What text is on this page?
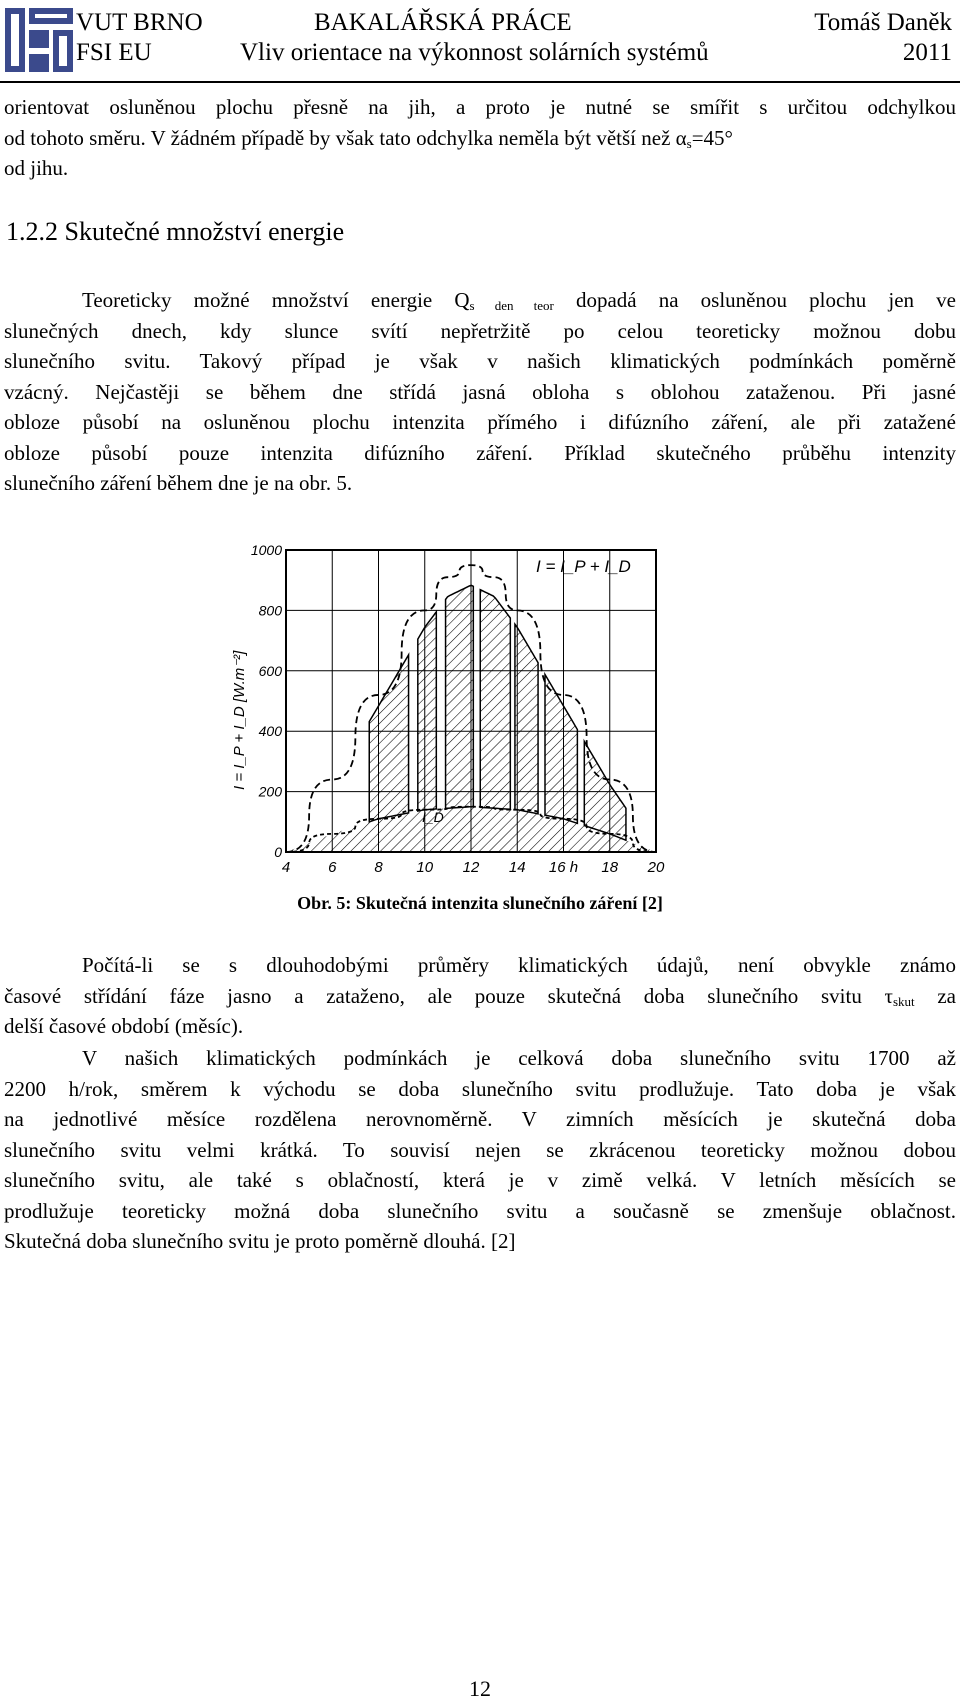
VUT BRNO
FSI EU
BAKALÁŘSKÁ PRÁCE
Vliv orientace na výkonnost solárních systémů
Tomáš Daněk
2011
orientovat osluněnou plochu přesně na jih, a proto je nutné se smířit s určitou odchylkou
od tohoto směru. V žádném případě by však tato odchylka neměla být větší než $\alpha_s=45^\circ$
od jihu.
1.2.2 Skutečné množství energie
Teoreticky možné množství energie $Q_{s den teor}$ dopadá na osluněnou plochu jen ve
slunečných dnech, kdy slunce svítí nepřetržitě po celou teoreticky možnou dobu
slunečního svitu. Takový případ je však v našich klimatických podmínkách poměrně
vzácný. Nejčastěji se během dne střídá jasná obloha s oblohou zataženou. Při jasné
obloze působí na osluněnou plochu intenzita přímého i difúzního záření, ale při zatažené
obloze působí pouze intenzita difúzního záření. Příklad skutečného průběhu intenzity
slunečního záření během dne je na obr. 5.
4	6	8 10 12 14 16 h 18 20
0
200
400
600
800
1000
I = I_P + I_D [W.m⁻²]
I = I_P + I_D
I_D
Obr. 5: Skutečná intenzita slunečního záření [2]
Počítá-li se s dlouhodobými průměry klimatických údajů, není obvykle známo
časové střídání fáze jasno a zataženo, ale pouze skutečná doba slunečního svitu $\tau_{skut}$ za
delší časové období (měsíc).
V našich klimatických podmínkách je celková doba slunečního svitu 1700 až
2200 h/rok, směrem k východu se doba slunečního svitu prodlužuje. Tato doba je však
na jednotlivé měsíce rozdělena nerovnoměrně. V zimních měsících je skutečná doba
slunečního svitu velmi krátká. To souvisí nejen se zkrácenou teoreticky možnou dobou
slunečního svitu, ale také s oblačností, která je v zimě velká. V letních měsících se
prodlužuje teoreticky možná doba slunečního svitu a současně se zmenšuje oblačnost.
Skutečná doba slunečního svitu je proto poměrně dlouhá. [2]
12
